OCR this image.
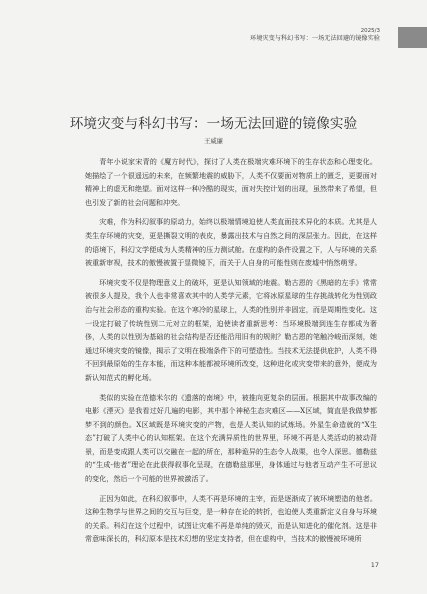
2025/3
环境灾变与科幻书写：一场无法回避的镜像实验
环境灾变与科幻书写：一场无法回避的镜像实验
王威廉

青年小说家宋青的《魔方时代》，探讨了人类在极端灾难环境下的生存状态和心理变化。她描绘了一个很遥远的未来，在频繁地震的威胁下，人类不仅要面对物质上的匮乏，更要面对精神上的虚无和绝望。面对这样一种冷酷的现实，面对失控计划的出现，虽然带来了希望，但也引发了新的社会问题和冲突。

灾难，作为科幻叙事的原动力，始终以极端情境迫使人类直面技术异化的本质。尤其是人类生存环境的灾变，更是撕裂文明的表皮，暴露出技术与自然之间的深层张力。因此，在这样的语境下，科幻文学便成为人类精神的压力测试舱。在虚构的条件设置之下，人与环境的关系被重新审视，技术的傲慢被置于显微镜下，而关于人自身的可能性则在废墟中悄然萌芽。

环境灾变不仅是物理意义上的破坏，更是认知领域的地震。勒古恩的《黑暗的左手》常常被很多人提及，我个人也非常喜欢其中的人类学元素，它将冰原星球的生存挑战转化为性别政治与社会形态的重构实验。在这个寒冷的星球上，人类的性别并非固定，而是周期性变化。这一设定打破了传统性别二元对立的框架，迫使读者重新思考：当环境极端到连生存都成为奢侈，人类的以性别为基础的社会结构是否还能沿用旧有的规则？勒古恩的笔触冷峻而深刻，她通过环境灾变的镜像，揭示了文明在极端条件下的可塑造性。当技术无法提供庇护，人类不得不回到最原始的生存本能，而这种本能都被环境所改变，这种进化或灾变带来的意外，便成为新认知范式的孵化场。

类似的实验在范德米尔的《遗落的南境》中，被推向更复杂的层面。根据其中故事改编的电影《湮灭》是我看过好几遍的电影，其中那个神秘生态灾难区——X区域，简直是我做梦都梦不到的颜色。X区域既是环境灾变的产物，也是人类认知的试炼场。外星生命造就的“X生态”打破了人类中心的认知框架。在这个充满异质性的世界里，环境不再是人类活动的被动背景，而是变成跟人类可以交融在一起的所在，那种诡异的生态令人战栗，也令人深思。德勒兹的“生成-他者”理论在此获得叙事化呈现，在德勒兹那里，身体通过与他者互动产生不可思议的变化，然后一个可能的世界被激活了。

正因为如此，在科幻叙事中，人类不再是环境的主宰，而是逐渐成了被环境塑造的他者。这种生物学与世界之间的交互与巨变，是一种存在论的转折，也迫使人类重新定义自身与环境的关系。科幻在这个过程中，试图让灾难不再是单纯的毁灭，而是认知进化的催化剂。这是非常意味深长的，科幻原本是技术幻想的坚定支持者，但在虚构中，当技术的傲慢被环境所

17
